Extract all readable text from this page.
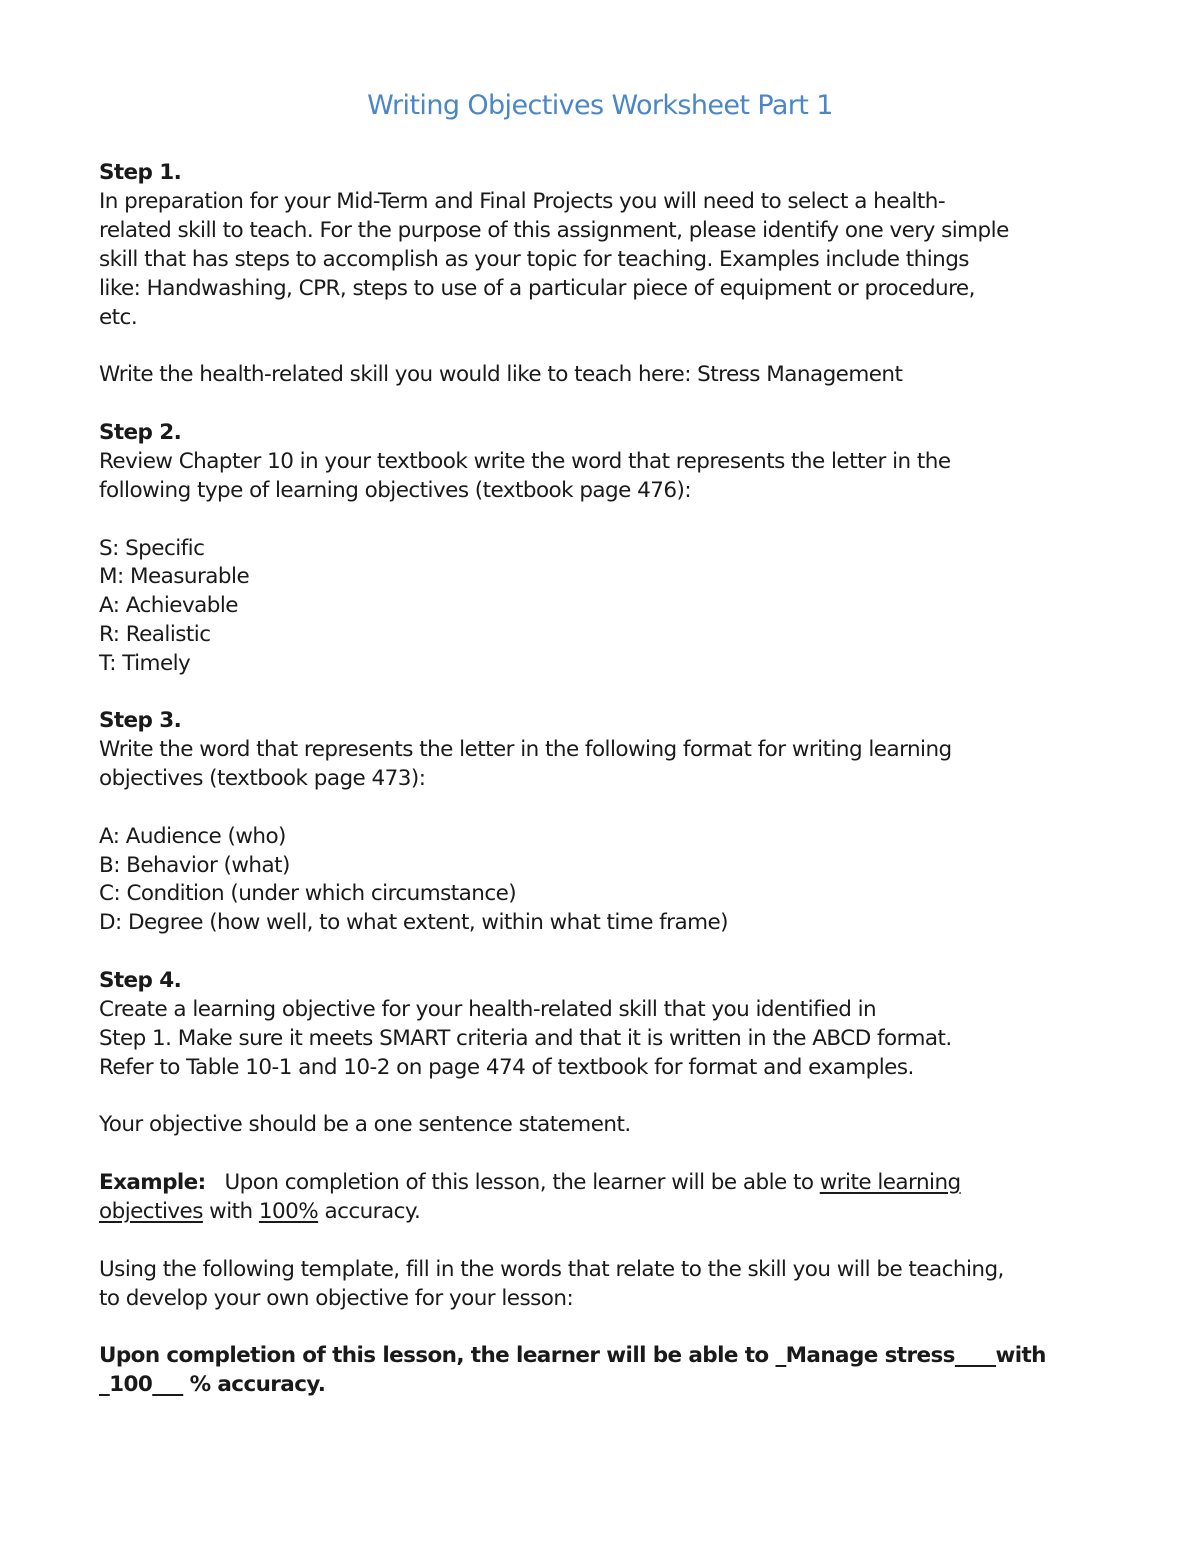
Writing Objectives Worksheet Part 1
Step 1.
In preparation for your Mid-Term and Final Projects you will need to select a health-
related skill to teach. For the purpose of this assignment, please identify one very simple
skill that has steps to accomplish as your topic for teaching. Examples include things
like: Handwashing, CPR, steps to use of a particular piece of equipment or procedure,
etc.
Write the health-related skill you would like to teach here: Stress Management
Step 2.
Review Chapter 10 in your textbook write the word that represents the letter in the
following type of learning objectives (textbook page 476):
S: Specific
M: Measurable
A: Achievable
R: Realistic
T: Timely
Step 3.
Write the word that represents the letter in the following format for writing learning
objectives (textbook page 473):
A: Audience (who)
B: Behavior (what)
C: Condition (under which circumstance)
D: Degree (how well, to what extent, within what time frame)
Step 4.
Create a learning objective for your health-related skill that you identified in
Step 1. Make sure it meets SMART criteria and that it is written in the ABCD format.
Refer to Table 10-1 and 10-2 on page 474 of textbook for format and examples.
Your objective should be a one sentence statement.
Example:   Upon completion of this lesson, the learner will be able to write learning
objectives with 100% accuracy.
Using the following template, fill in the words that relate to the skill you will be teaching,
to develop your own objective for your lesson:
Upon completion of this lesson, the learner will be able to _Manage stress____with
_100___ % accuracy.
